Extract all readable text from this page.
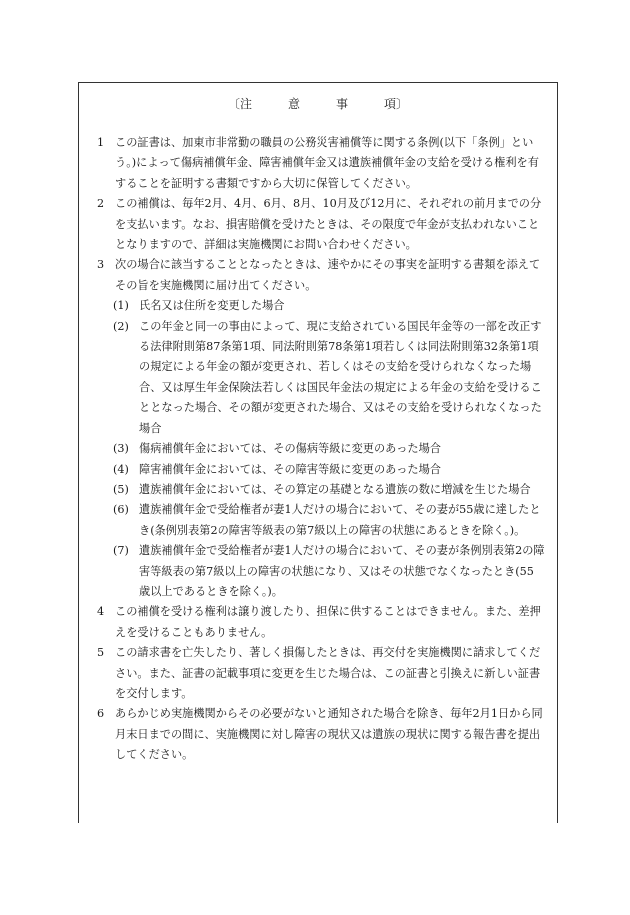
〔注　　　意　　　事　　　項〕

1 この証書は、加東市非常勤の職員の公務災害補償等に関する条例(以下「条例」という。)によって傷病補償年金、障害補償年金又は遺族補償年金の支給を受ける権利を有することを証明する書類ですから大切に保管してください。

2 この補償は、毎年2月、4月、6月、8月、10月及び12月に、それぞれの前月までの分を支払います。なお、損害賠償を受けたときは、その限度で年金が支払われないこととなりますので、詳細は実施機関にお問い合わせください。

3 次の場合に該当することとなったときは、速やかにその事実を証明する書類を添えてその旨を実施機関に届け出てください。

(1) 氏名又は住所を変更した場合

(2) この年金と同一の事由によって、現に支給されている国民年金等の一部を改正する法律附則第87条第1項、同法附則第78条第1項若しくは同法附則第32条第1項の規定による年金の額が変更され、若しくはその支給を受けられなくなった場合、又は厚生年金保険法若しくは国民年金法の規定による年金の支給を受けることとなった場合、その額が変更された場合、又はその支給を受けられなくなった場合

(3) 傷病補償年金においては、その傷病等級に変更のあった場合

(4) 障害補償年金においては、その障害等級に変更のあった場合

(5) 遺族補償年金においては、その算定の基礎となる遺族の数に増減を生じた場合

(6) 遺族補償年金で受給権者が妻1人だけの場合において、その妻が55歳に達したとき(条例別表第2の障害等級表の第7級以上の障害の状態にあるときを除く。)。

(7) 遺族補償年金で受給権者が妻1人だけの場合において、その妻が条例別表第2の障害等級表の第7級以上の障害の状態になり、又はその状態でなくなったとき(55歳以上であるときを除く。)。

4 この補償を受ける権利は譲り渡したり、担保に供することはできません。また、差押えを受けることもありません。

5 この請求書を亡失したり、著しく損傷したときは、再交付を実施機関に請求してください。また、証書の記載事項に変更を生じた場合は、この証書と引換えに新しい証書を交付します。

6 あらかじめ実施機関からその必要がないと通知された場合を除き、毎年2月1日から同月末日までの間に、実施機関に対し障害の現状又は遺族の現状に関する報告書を提出してください。
